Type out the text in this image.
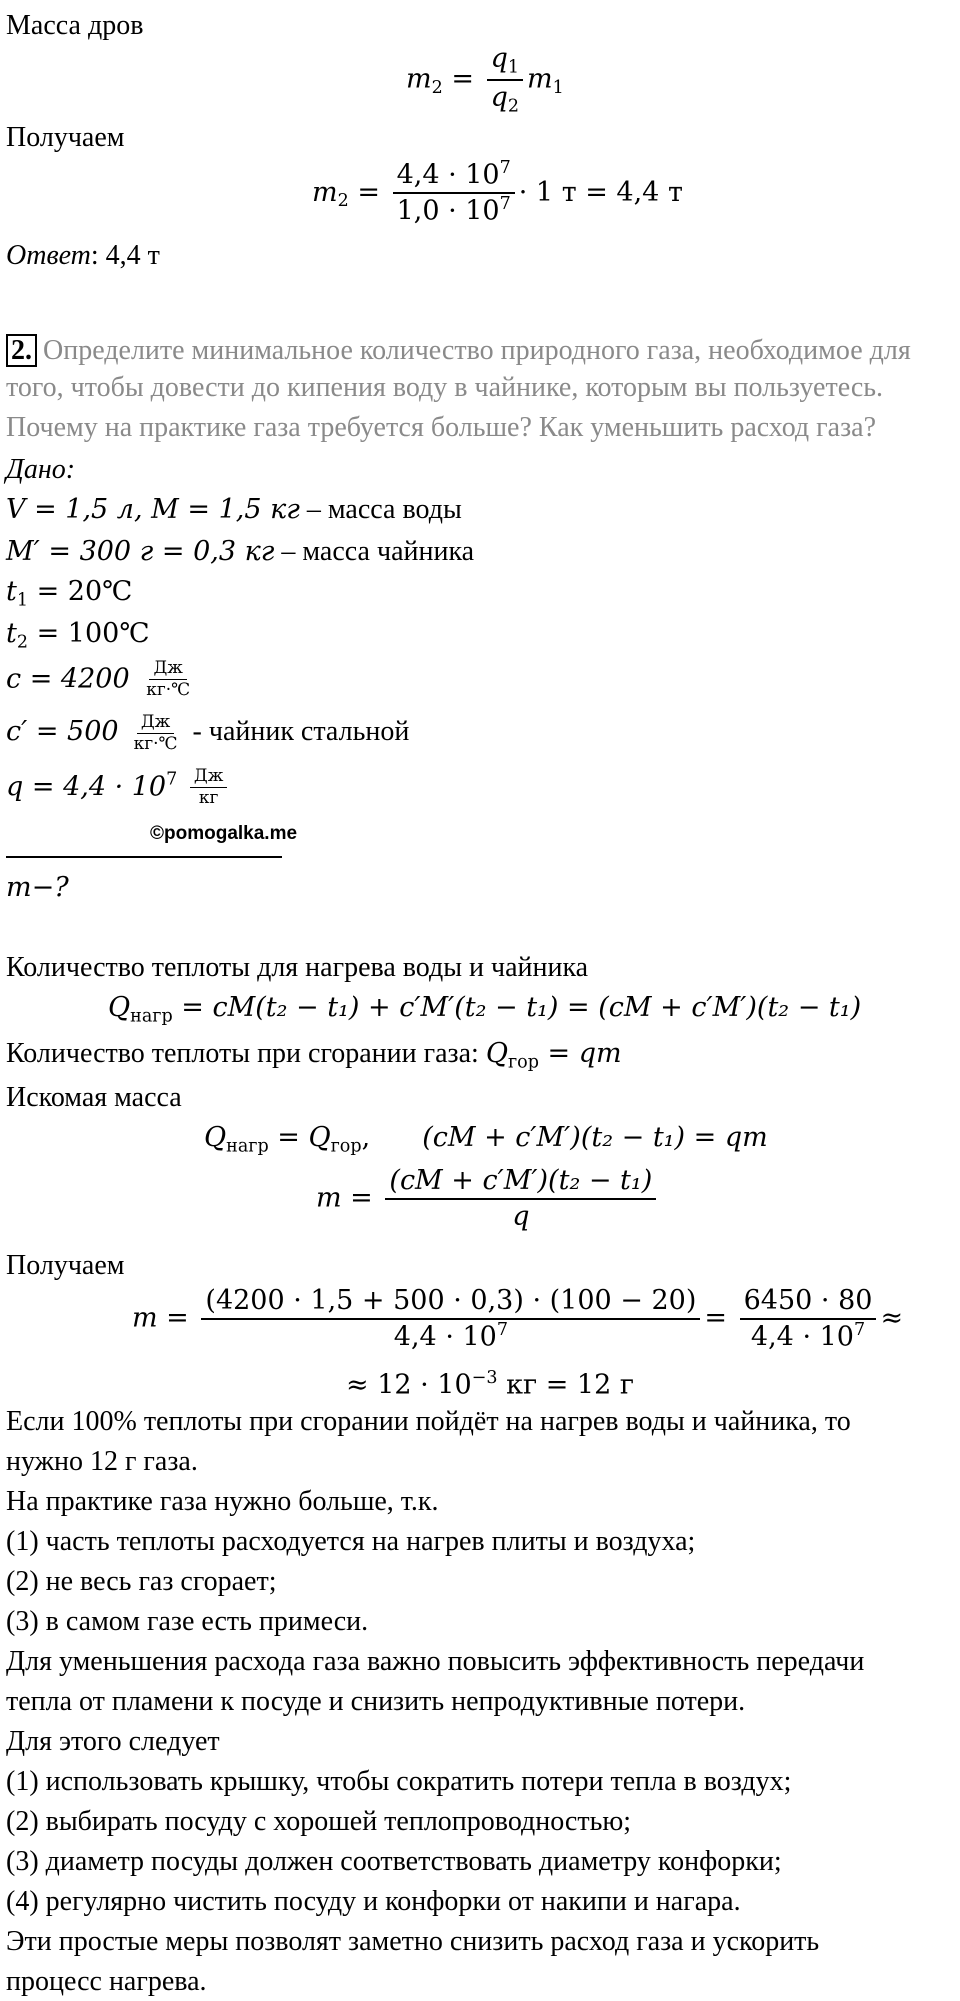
Масса дров
$m_2 = \frac{q_1}{q_2} m_1$
Получаем
$m_2 = \frac{4,4 \cdot 10^7}{1,0 \cdot 10^7} \cdot 1$ т = 4,4 т
Ответ: 4,4 т
2. Определите минимальное количество природного газа, необходимое для
того, чтобы довести до кипения воду в чайнике, которым вы пользуетесь.
Почему на практике газа требуется больше? Как уменьшить расход газа?
Дано:
V = 1,5 л, M = 1,5 кг – масса воды
M′ = 300 г = 0,3 кг – масса чайника
$t_1$ = 20℃
$t_2$ = 100℃
$c = 4200 \frac{Дж}{кг\cdot℃}$
$c' = 500 \frac{Дж}{кг\cdot℃}$ - чайник стальной
$q = 4,4 \cdot 10^7 \frac{Дж}{кг}$
©pomogalka.me
m−?
Количество теплоты для нагрева воды и чайника
$Q_{нагр} = cM(t_2 - t_1) + c'M'(t_2 - t_1) = (cM + c'M')(t_2 - t_1)$
Количество теплоты при сгорании газа: $Q_{гор}$ = qm
Искомая масса
$Q_{нагр} = Q_{гор}$, (cM + c′M′)(t₂ − t₁) = qm
$m = \frac{\text{(cM + c′M′)(t₂ − t₁)}}{q}$
Получаем
$m = \frac{(4200 \cdot 1,5 + 500 \cdot 0,3) \cdot (100 - 20)}{4,4 \cdot 10^7} = \frac{6450 \cdot 80}{4,4 \cdot 10^7}$ ≈
≈ $12 \cdot 10^{-3}$ кг = 12 г
Если 100% теплоты при сгорании пойдёт на нагрев воды и чайника, то
нужно 12 г газа.
На практике газа нужно больше, т.к.
(1) часть теплоты расходуется на нагрев плиты и воздуха;
(2) не весь газ сгорает;
(3) в самом газе есть примеси.
Для уменьшения расхода газа важно повысить эффективность передачи
тепла от пламени к посуде и снизить непродуктивные потери.
Для этого следует
(1) использовать крышку, чтобы сократить потери тепла в воздух;
(2) выбирать посуду с хорошей теплопроводностью;
(3) диаметр посуды должен соответствовать диаметру конфорки;
(4) регулярно чистить посуду и конфорки от накипи и нагара.
Эти простые меры позволят заметно снизить расход газа и ускорить
процесс нагрева.
